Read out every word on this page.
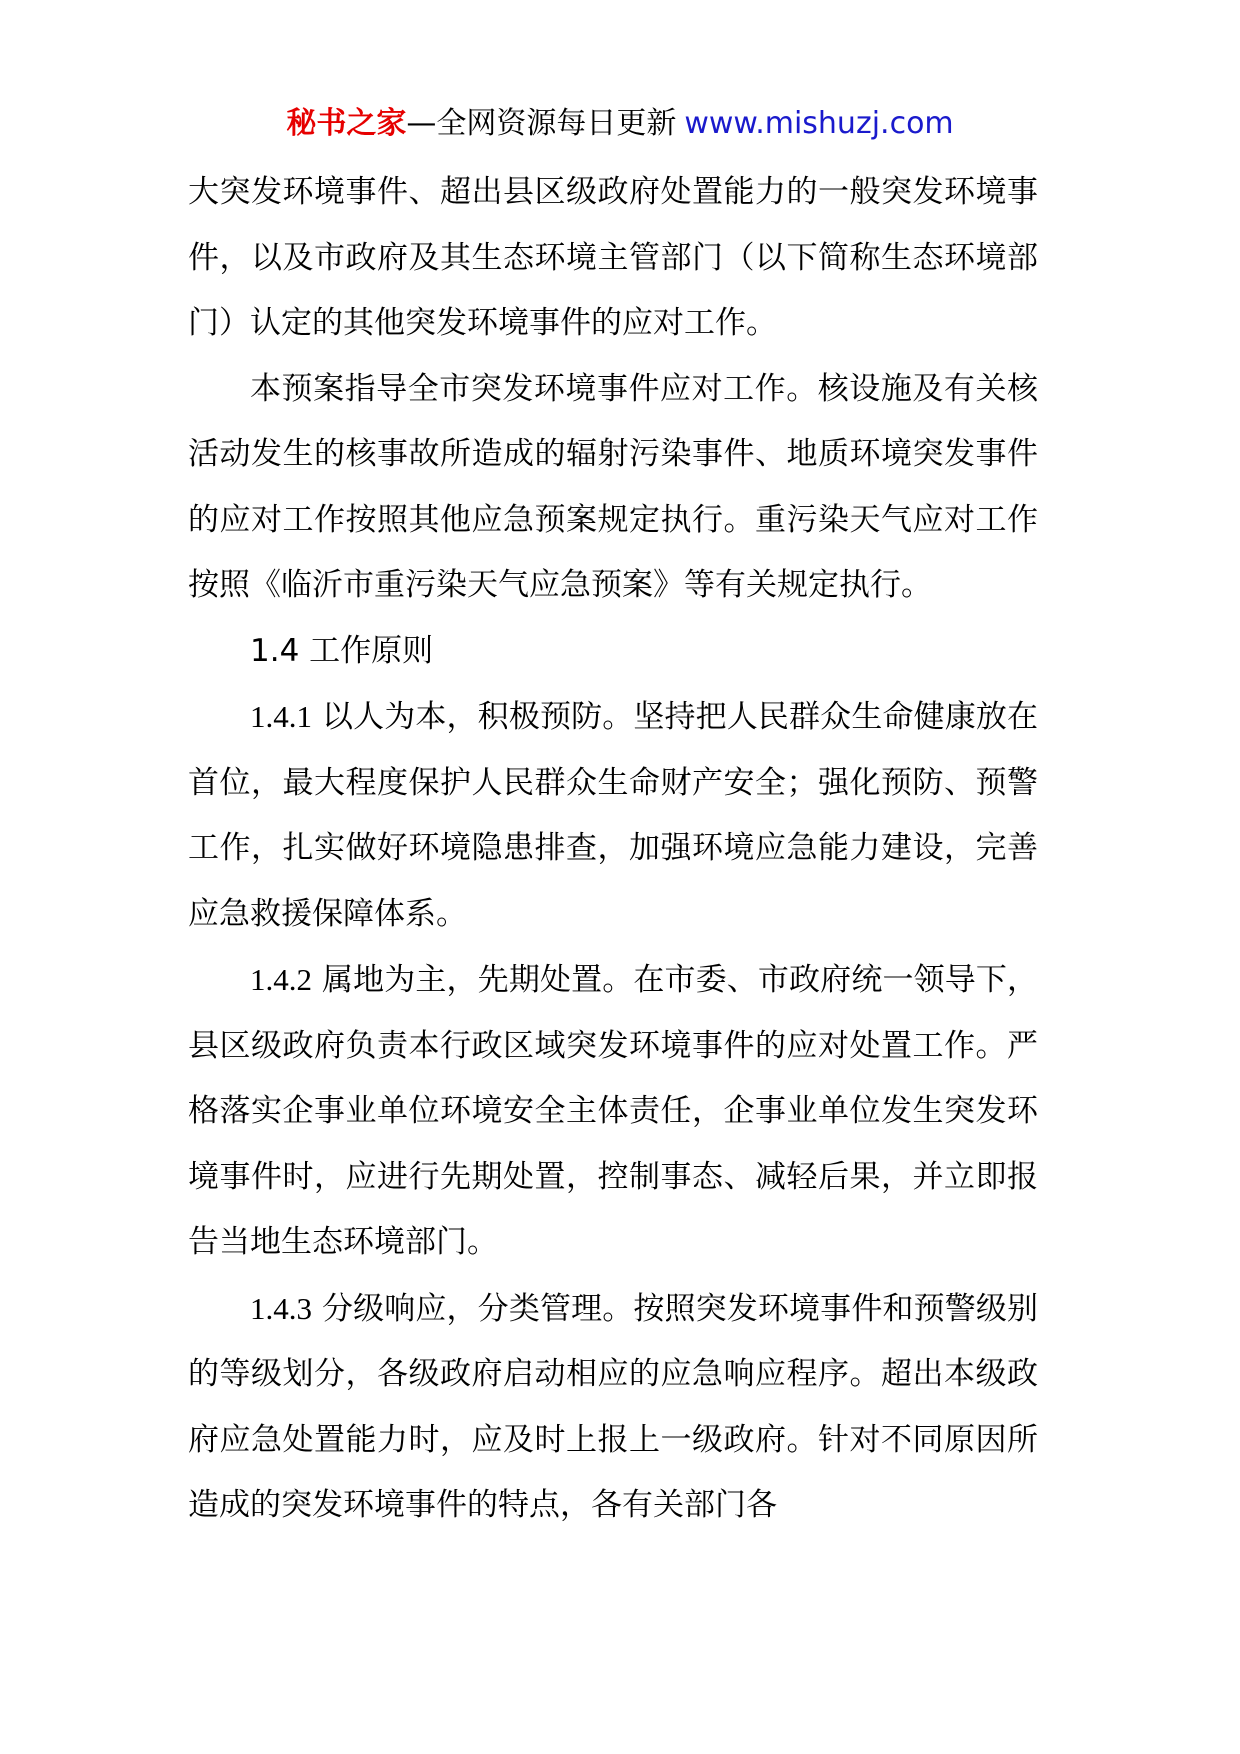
秘书之家—全网资源每日更新 www.mishuzj.com

大突发环境事件、超出县区级政府处置能力的一般突发环境事件，以及市政府及其生态环境主管部门（以下简称生态环境部门）认定的其他突发环境事件的应对工作。

本预案指导全市突发环境事件应对工作。核设施及有关核活动发生的核事故所造成的辐射污染事件、地质环境突发事件的应对工作按照其他应急预案规定执行。重污染天气应对工作按照《临沂市重污染天气应急预案》等有关规定执行。

1.4 工作原则

1.4.1 以人为本，积极预防。坚持把人民群众生命健康放在首位，最大程度保护人民群众生命财产安全；强化预防、预警工作，扎实做好环境隐患排查，加强环境应急能力建设，完善应急救援保障体系。

1.4.2 属地为主，先期处置。在市委、市政府统一领导下，县区级政府负责本行政区域突发环境事件的应对处置工作。严格落实企事业单位环境安全主体责任，企事业单位发生突发环境事件时，应进行先期处置，控制事态、减轻后果，并立即报告当地生态环境部门。

1.4.3 分级响应，分类管理。按照突发环境事件和预警级别的等级划分，各级政府启动相应的应急响应程序。超出本级政府应急处置能力时，应及时上报上一级政府。针对不同原因所造成的突发环境事件的特点，各有关部门各
